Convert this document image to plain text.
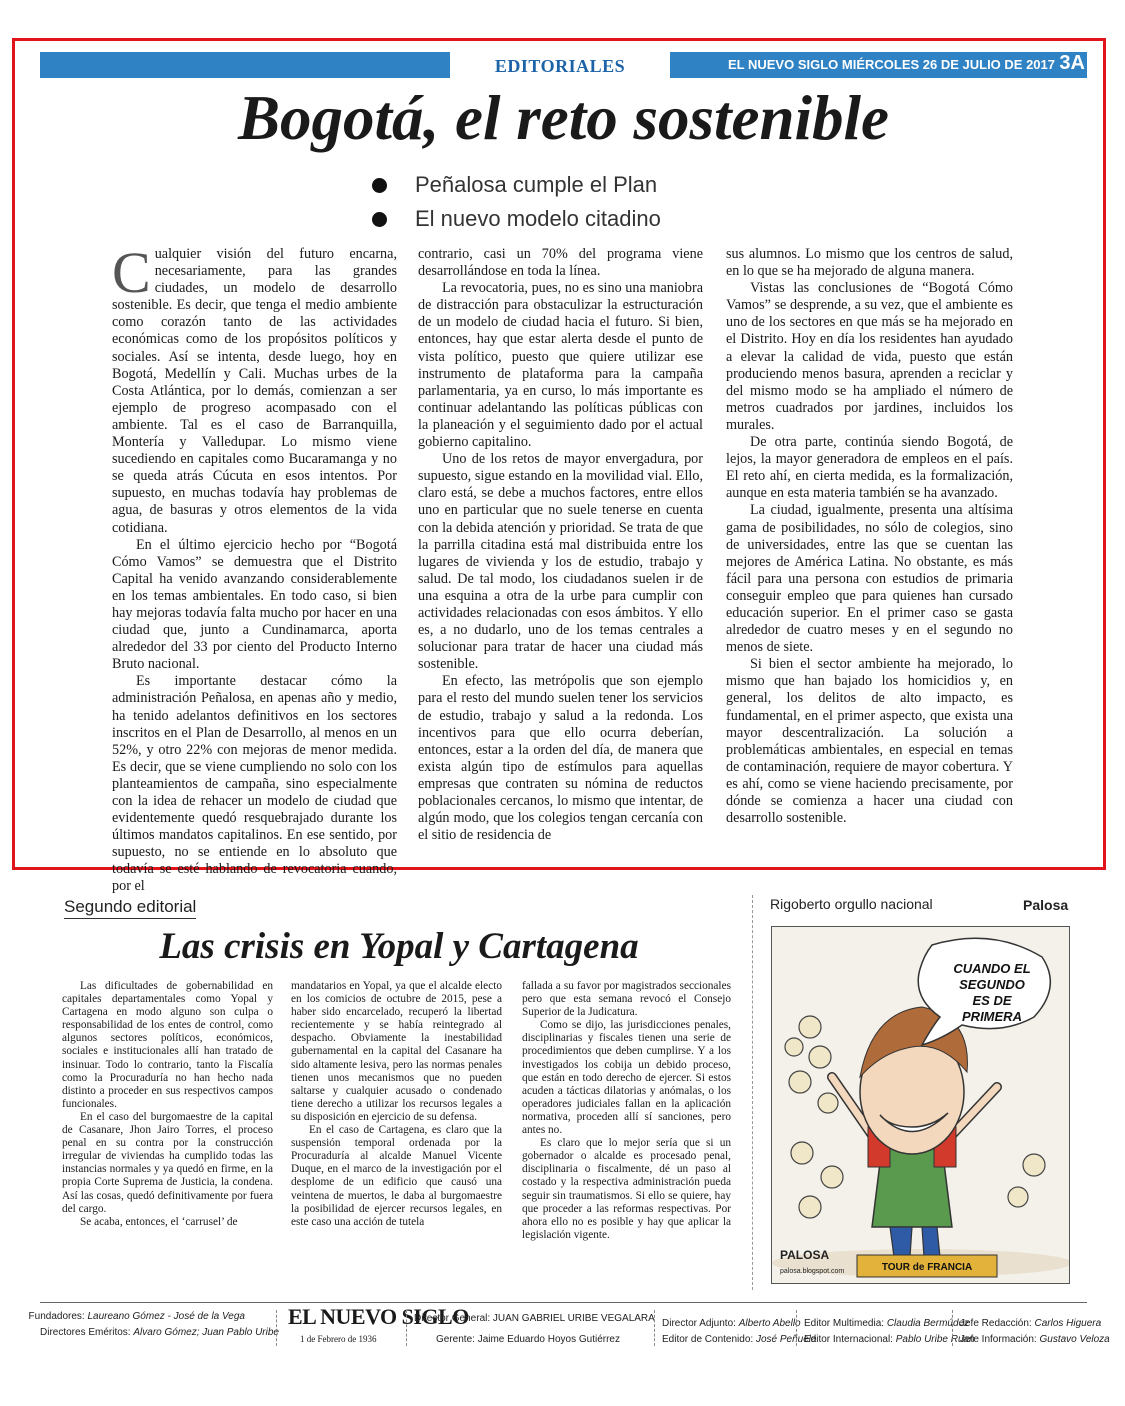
EDITORIALES	EL NUEVO SIGLO MIÉRCOLES 26 DE JULIO DE 2017 3A
Bogotá, el reto sostenible
Peñalosa cumple el Plan
El nuevo modelo citadino

Cualquier visión del futuro encarna, necesariamente, para las grandes ciudades, un modelo de desarrollo sostenible. Es decir, que tenga el medio ambiente como corazón tanto de las actividades económicas como de los propósitos políticos y sociales. Así se intenta, desde luego, hoy en Bogotá, Medellín y Cali. Muchas urbes de la Costa Atlántica, por lo demás, comienzan a ser ejemplo de progreso acompasado con el ambiente. Tal es el caso de Barranquilla, Montería y Valledupar. Lo mismo viene sucediendo en capitales como Bucaramanga y no se queda atrás Cúcuta en esos intentos. Por supuesto, en muchas todavía hay problemas de agua, de basuras y otros elementos de la vida cotidiana.

En el último ejercicio hecho por “Bogotá Cómo Vamos” se demuestra que el Distrito Capital ha venido avanzando considerablemente en los temas ambientales. En todo caso, si bien hay mejoras todavía falta mucho por hacer en una ciudad que, junto a Cundinamarca, aporta alrededor del 33 por ciento del Producto Interno Bruto nacional.

Es importante destacar cómo la administración Peñalosa, en apenas año y medio, ha tenido adelantos definitivos en los sectores inscritos en el Plan de Desarrollo, al menos en un 52%, y otro 22% con mejoras de menor medida. Es decir, que se viene cumpliendo no solo con los planteamientos de campaña, sino especialmente con la idea de rehacer un modelo de ciudad que evidentemente quedó resquebrajado durante los últimos mandatos capitalinos. En ese sentido, por supuesto, no se entiende en lo absoluto que todavía se esté hablando de revocatoria cuando, por el

contrario, casi un 70% del programa viene desarrollándose en toda la línea.

La revocatoria, pues, no es sino una maniobra de distracción para obstaculizar la estructuración de un modelo de ciudad hacia el futuro. Si bien, entonces, hay que estar alerta desde el punto de vista político, puesto que quiere utilizar ese instrumento de plataforma para la campaña parlamentaria, ya en curso, lo más importante es continuar adelantando las políticas públicas con la planeación y el seguimiento dado por el actual gobierno capitalino.

Uno de los retos de mayor envergadura, por supuesto, sigue estando en la movilidad vial. Ello, claro está, se debe a muchos factores, entre ellos uno en particular que no suele tenerse en cuenta con la debida atención y prioridad. Se trata de que la parrilla citadina está mal distribuida entre los lugares de vivienda y los de estudio, trabajo y salud. De tal modo, los ciudadanos suelen ir de una esquina a otra de la urbe para cumplir con actividades relacionadas con esos ámbitos. Y ello es, a no dudarlo, uno de los temas centrales a solucionar para tratar de hacer una ciudad más sostenible.

En efecto, las metrópolis que son ejemplo para el resto del mundo suelen tener los servicios de estudio, trabajo y salud a la redonda. Los incentivos para que ello ocurra deberían, entonces, estar a la orden del día, de manera que exista algún tipo de estímulos para aquellas empresas que contraten su nómina de reductos poblacionales cercanos, lo mismo que intentar, de algún modo, que los colegios tengan cercanía con el sitio de residencia de

sus alumnos. Lo mismo que los centros de salud, en lo que se ha mejorado de alguna manera.

Vistas las conclusiones de “Bogotá Cómo Vamos” se desprende, a su vez, que el ambiente es uno de los sectores en que más se ha mejorado en el Distrito. Hoy en día los residentes han ayudado a elevar la calidad de vida, puesto que están produciendo menos basura, aprenden a reciclar y del mismo modo se ha ampliado el número de metros cuadrados por jardines, incluidos los murales.

De otra parte, continúa siendo Bogotá, de lejos, la mayor generadora de empleos en el país. El reto ahí, en cierta medida, es la formalización, aunque en esta materia también se ha avanzado.

La ciudad, igualmente, presenta una altísima gama de posibilidades, no sólo de colegios, sino de universidades, entre las que se cuentan las mejores de América Latina. No obstante, es más fácil para una persona con estudios de primaria conseguir empleo que para quienes han cursado educación superior. En el primer caso se gasta alrededor de cuatro meses y en el segundo no menos de siete.

Si bien el sector ambiente ha mejorado, lo mismo que han bajado los homicidios y, en general, los delitos de alto impacto, es fundamental, en el primer aspecto, que exista una mayor descentralización. La solución a problemáticas ambientales, en especial en temas de contaminación, requiere de mayor cobertura. Y es ahí, como se viene haciendo precisamente, por dónde se comienza a hacer una ciudad con desarrollo sostenible.

Segundo editorial
Las crisis en Yopal y Cartagena

Las dificultades de gobernabilidad en capitales departamentales como Yopal y Cartagena en modo alguno son culpa o responsabilidad de los entes de control, como algunos sectores políticos, económicos, sociales e institucionales allí han tratado de insinuar. Todo lo contrario, tanto la Fiscalía como la Procuraduría no han hecho nada distinto a proceder en sus respectivos campos funcionales.

En el caso del burgomaestre de la capital de Casanare, Jhon Jairo Torres, el proceso penal en su contra por la construcción irregular de viviendas ha cumplido todas las instancias normales y ya quedó en firme, en la propia Corte Suprema de Justicia, la condena. Así las cosas, quedó definitivamente por fuera del cargo.

Se acaba, entonces, el ‘carrusel’ de

mandatarios en Yopal, ya que el alcalde electo en los comicios de octubre de 2015, pese a haber sido encarcelado, recuperó la libertad recientemente y se había reintegrado al despacho. Obviamente la inestabilidad gubernamental en la capital del Casanare ha sido altamente lesiva, pero las normas penales tienen unos mecanismos que no pueden saltarse y cualquier acusado o condenado tiene derecho a utilizar los recursos legales a su disposición en ejercicio de su defensa.

En el caso de Cartagena, es claro que la suspensión temporal ordenada por la Procuraduría al alcalde Manuel Vicente Duque, en el marco de la investigación por el desplome de un edificio que causó una veintena de muertos, le daba al burgomaestre la posibilidad de ejercer recursos legales, en este caso una acción de tutela

fallada a su favor por magistrados seccionales pero que esta semana revocó el Consejo Superior de la Judicatura.

Como se dijo, las jurisdicciones penales, disciplinarias y fiscales tienen una serie de procedimientos que deben cumplirse. Y a los investigados los cobija un debido proceso, que están en todo derecho de ejercer. Si estos acuden a tácticas dilatorias y anómalas, o los operadores judiciales fallan en la aplicación normativa, proceden allí sí sanciones, pero antes no.

Es claro que lo mejor sería que si un gobernador o alcalde es procesado penal, disciplinaria o fiscalmente, dé un paso al costado y la respectiva administración pueda seguir sin traumatismos. Si ello se quiere, hay que proceder a las reformas respectivas. Por ahora ello no es posible y hay que aplicar la legislación vigente.

Rigoberto orgullo nacional	Palosa
CUANDO EL
SEGUNDO
ES DE
PRIMERA
TOUR de FRANCIA
PALOSA
palosa.blogspot.com
Fundadores: Laureano Gómez - José de la Vega
Directores Eméritos: Alvaro Gómez; Juan Pablo Uribe
EL NUEVO SIGLO
1 de Febrero de 1936
Director General: JUAN GABRIEL URIBE VEGALARA
Gerente: Jaime Eduardo Hoyos Gutiérrez
Director Adjunto: Alberto Abello
Editor de Contenido: José Peñuela
Editor Multimedia: Claudia Bermúdez
Editor Internacional: Pablo Uribe Ruan
Jefe Redacción: Carlos Higuera
Jefe Información: Gustavo Veloza
